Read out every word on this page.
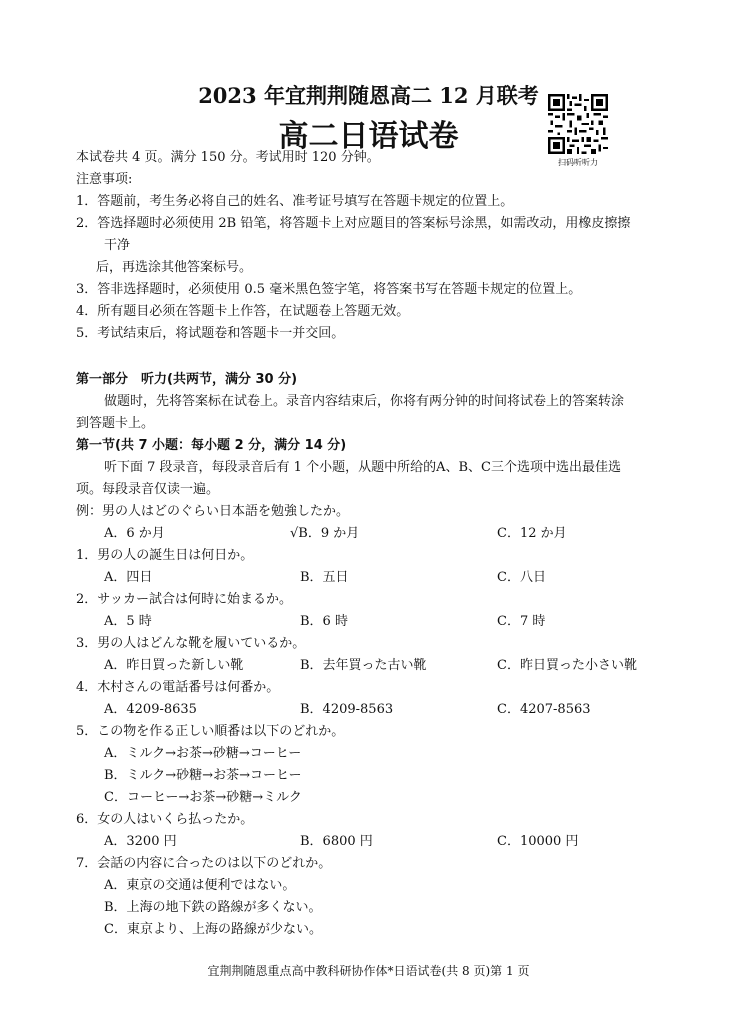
2023 年宜荆荆随恩高二 12 月联考
高二日语试卷
扫码听听力
本试卷共 4 页。满分 150 分。考试用时 120 分钟。
注意事项:
1．答题前，考生务必将自己的姓名、准考证号填写在答题卡规定的位置上。
2．答选择题时必须使用 2B 铅笔，将答题卡上对应题目的答案标号涂黑，如需改动，用橡皮擦擦
干净
后，再选涂其他答案标号。
3．答非选择题时，必须使用 0.5 毫米黑色签字笔，将答案书写在答题卡规定的位置上。
4．所有题目必须在答题卡上作答，在试题卷上答题无效。
5．考试结束后，将试题卷和答题卡一并交回。
第一部分　听力(共两节，满分 30 分)
做题时，先将答案标在试卷上。录音内容结束后，你将有两分钟的时间将试卷上的答案转涂
到答题卡上。
第一节(共 7 小题：每小题 2 分，满分 14 分)
听下面 7 段录音，每段录音后有 1 个小题，从题中所给的A、B、C三个选项中选出最佳选
项。每段录音仅读一遍。
例：男の人はどのぐらい日本語を勉強したか。
A．6 か月	√B．9 か月	C．12 か月
1．男の人の誕生日は何日か。
A．四日	B．五日	C．八日
2．サッカー試合は何時に始まるか。
A．5 時	B．6 時	C．7 時
3．男の人はどんな靴を履いているか。
A．昨日買った新しい靴	B．去年買った古い靴	C．昨日買った小さい靴
4．木村さんの電話番号は何番か。
A．4209-8635	B．4209-8563	C．4207-8563
5．この物を作る正しい順番は以下のどれか。
A．ミルク→お茶→砂糖→コーヒー
B．ミルク→砂糖→お茶→コーヒー
C．コーヒー→お茶→砂糖→ミルク
6．女の人はいくら払ったか。
A．3200 円	B．6800 円	C．10000 円
7．会話の内容に合ったのは以下のどれか。
A．東京の交通は便利ではない。
B．上海の地下鉄の路線が多くない。
C．東京より、上海の路線が少ない。
宜荆荆随恩重点高中教科研协作体*日语试卷(共 8 页)第 1 页
